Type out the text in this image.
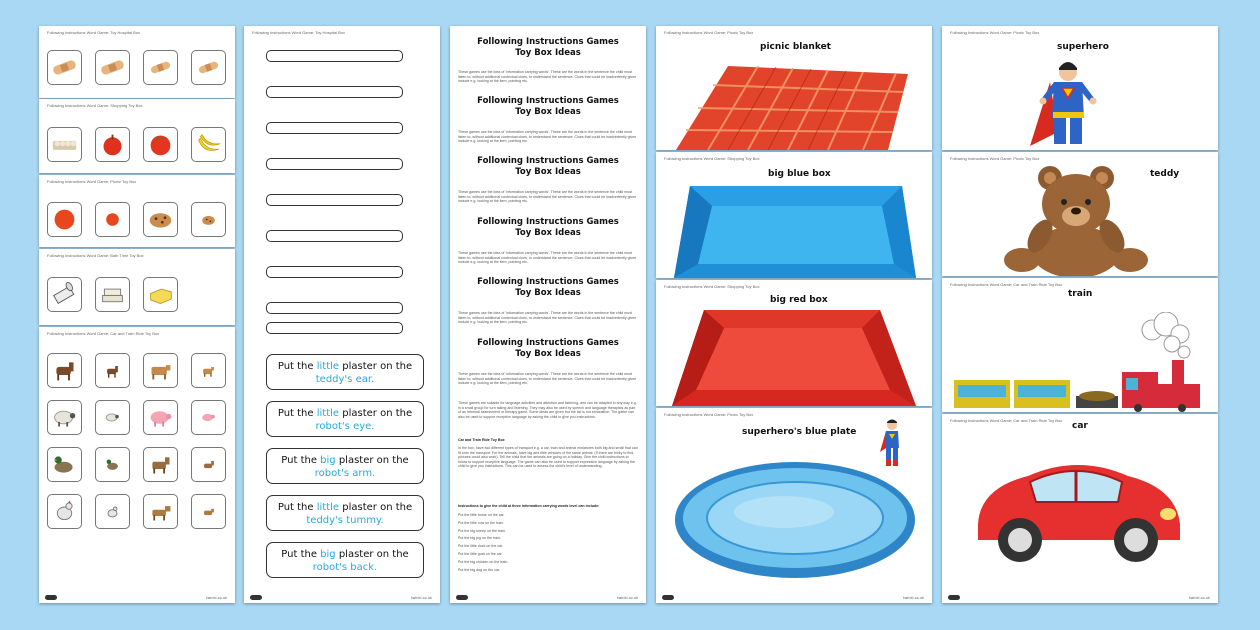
Following Instructions Word Game: Toy Hospital Box
Following Instructions Word Game: Shopping Toy Box
Following Instructions Word Game: Picnic Toy Box
Following Instructions Word Game: Bath Time Toy Box
Following Instructions Word Game: Car and Train Ride Toy Box
twinkl.co.uk
Following Instructions Word Game: Toy Hospital Box
Put the little plaster on the teddy's ear.
Put the little plaster on the robot's eye.
Put the big plaster on the robot's arm.
Put the little plaster on the teddy's tummy.
Put the big plaster on the robot's back.
twinkl.co.uk
Following Instructions Games
Toy Box Ideas
These games use the idea of 'information carrying words'. These are the words in the sentence the child must listen to, without additional contextual clues, to understand the sentence. Clues that could be inadvertently given include e.g. looking at the item, pointing etc.
Following Instructions Games
Toy Box Ideas
These games use the idea of 'information carrying words'. These are the words in the sentence the child must listen to, without additional contextual clues, to understand the sentence. Clues that could be inadvertently given include e.g. looking at the item, pointing etc.
Following Instructions Games
Toy Box Ideas
These games use the idea of 'information carrying words'. These are the words in the sentence the child must listen to, without additional contextual clues, to understand the sentence. Clues that could be inadvertently given include e.g. looking at the item, pointing etc.
Following Instructions Games
Toy Box Ideas
These games use the idea of 'information carrying words'. These are the words in the sentence the child must listen to, without additional contextual clues, to understand the sentence. Clues that could be inadvertently given include e.g. looking at the item, pointing etc.
Following Instructions Games
Toy Box Ideas
These games use the idea of 'information carrying words'. These are the words in the sentence the child must listen to, without additional contextual clues, to understand the sentence. Clues that could be inadvertently given include e.g. looking at the item, pointing etc.
Following Instructions Games
Toy Box Ideas
These games use the idea of 'information carrying words'. These are the words in the sentence the child must listen to, without additional contextual clues, to understand the sentence. Clues that could be inadvertently given include e.g. looking at the item, pointing etc.
These games are suitable for language activities and attention and listening, and can be adapted in any way e.g. in a small group for turn taking and listening. They may also be used by speech and language therapists as part of an informal assessment or therapy game. Some ideas are given but the list is not exhaustive. The game can also be used to support receptive language by asking the child to give you instructions.
Car and Train Ride Toy Box
In the box, have two different types of transport e.g. a car, train and animal miniatures both big and small that can fit onto the transport. For the animals, have big and little versions of the same animal. (If there are tricky to find, pictures could also work). Tell the child that the animals are going on a holiday. Give the child instructions to follow to support receptive language. The game can also be used to support expressive language by asking the child to give you instructions. This can be used to assess the child's level of understanding.
Instructions to give the child at three information carrying words level can include:
Put the little horse on the car.
Put the little cow on the train.
Put the big sheep on the train.
Put the big pig on the train.
Put the little duck on the car.
Put the little goat on the car.
Put the big chicken on the train.
Put the big dog on the car.
twinkl.co.uk
Following Instructions Word Game: Picnic Toy Box
picnic blanket
Following Instructions Word Game: Shopping Toy Box
big blue box
Following Instructions Word Game: Shopping Toy Box
big red box
Following Instructions Word Game: Picnic Toy Box
superhero's blue plate
twinkl.co.uk
Following Instructions Word Game: Picnic Toy Box
superhero
Following Instructions Word Game: Picnic Toy Box
teddy
Following Instructions Word Game: Car and Train Ride Toy Box
train
Following Instructions Word Game: Car and Train Ride Toy Box
car
twinkl.co.uk
